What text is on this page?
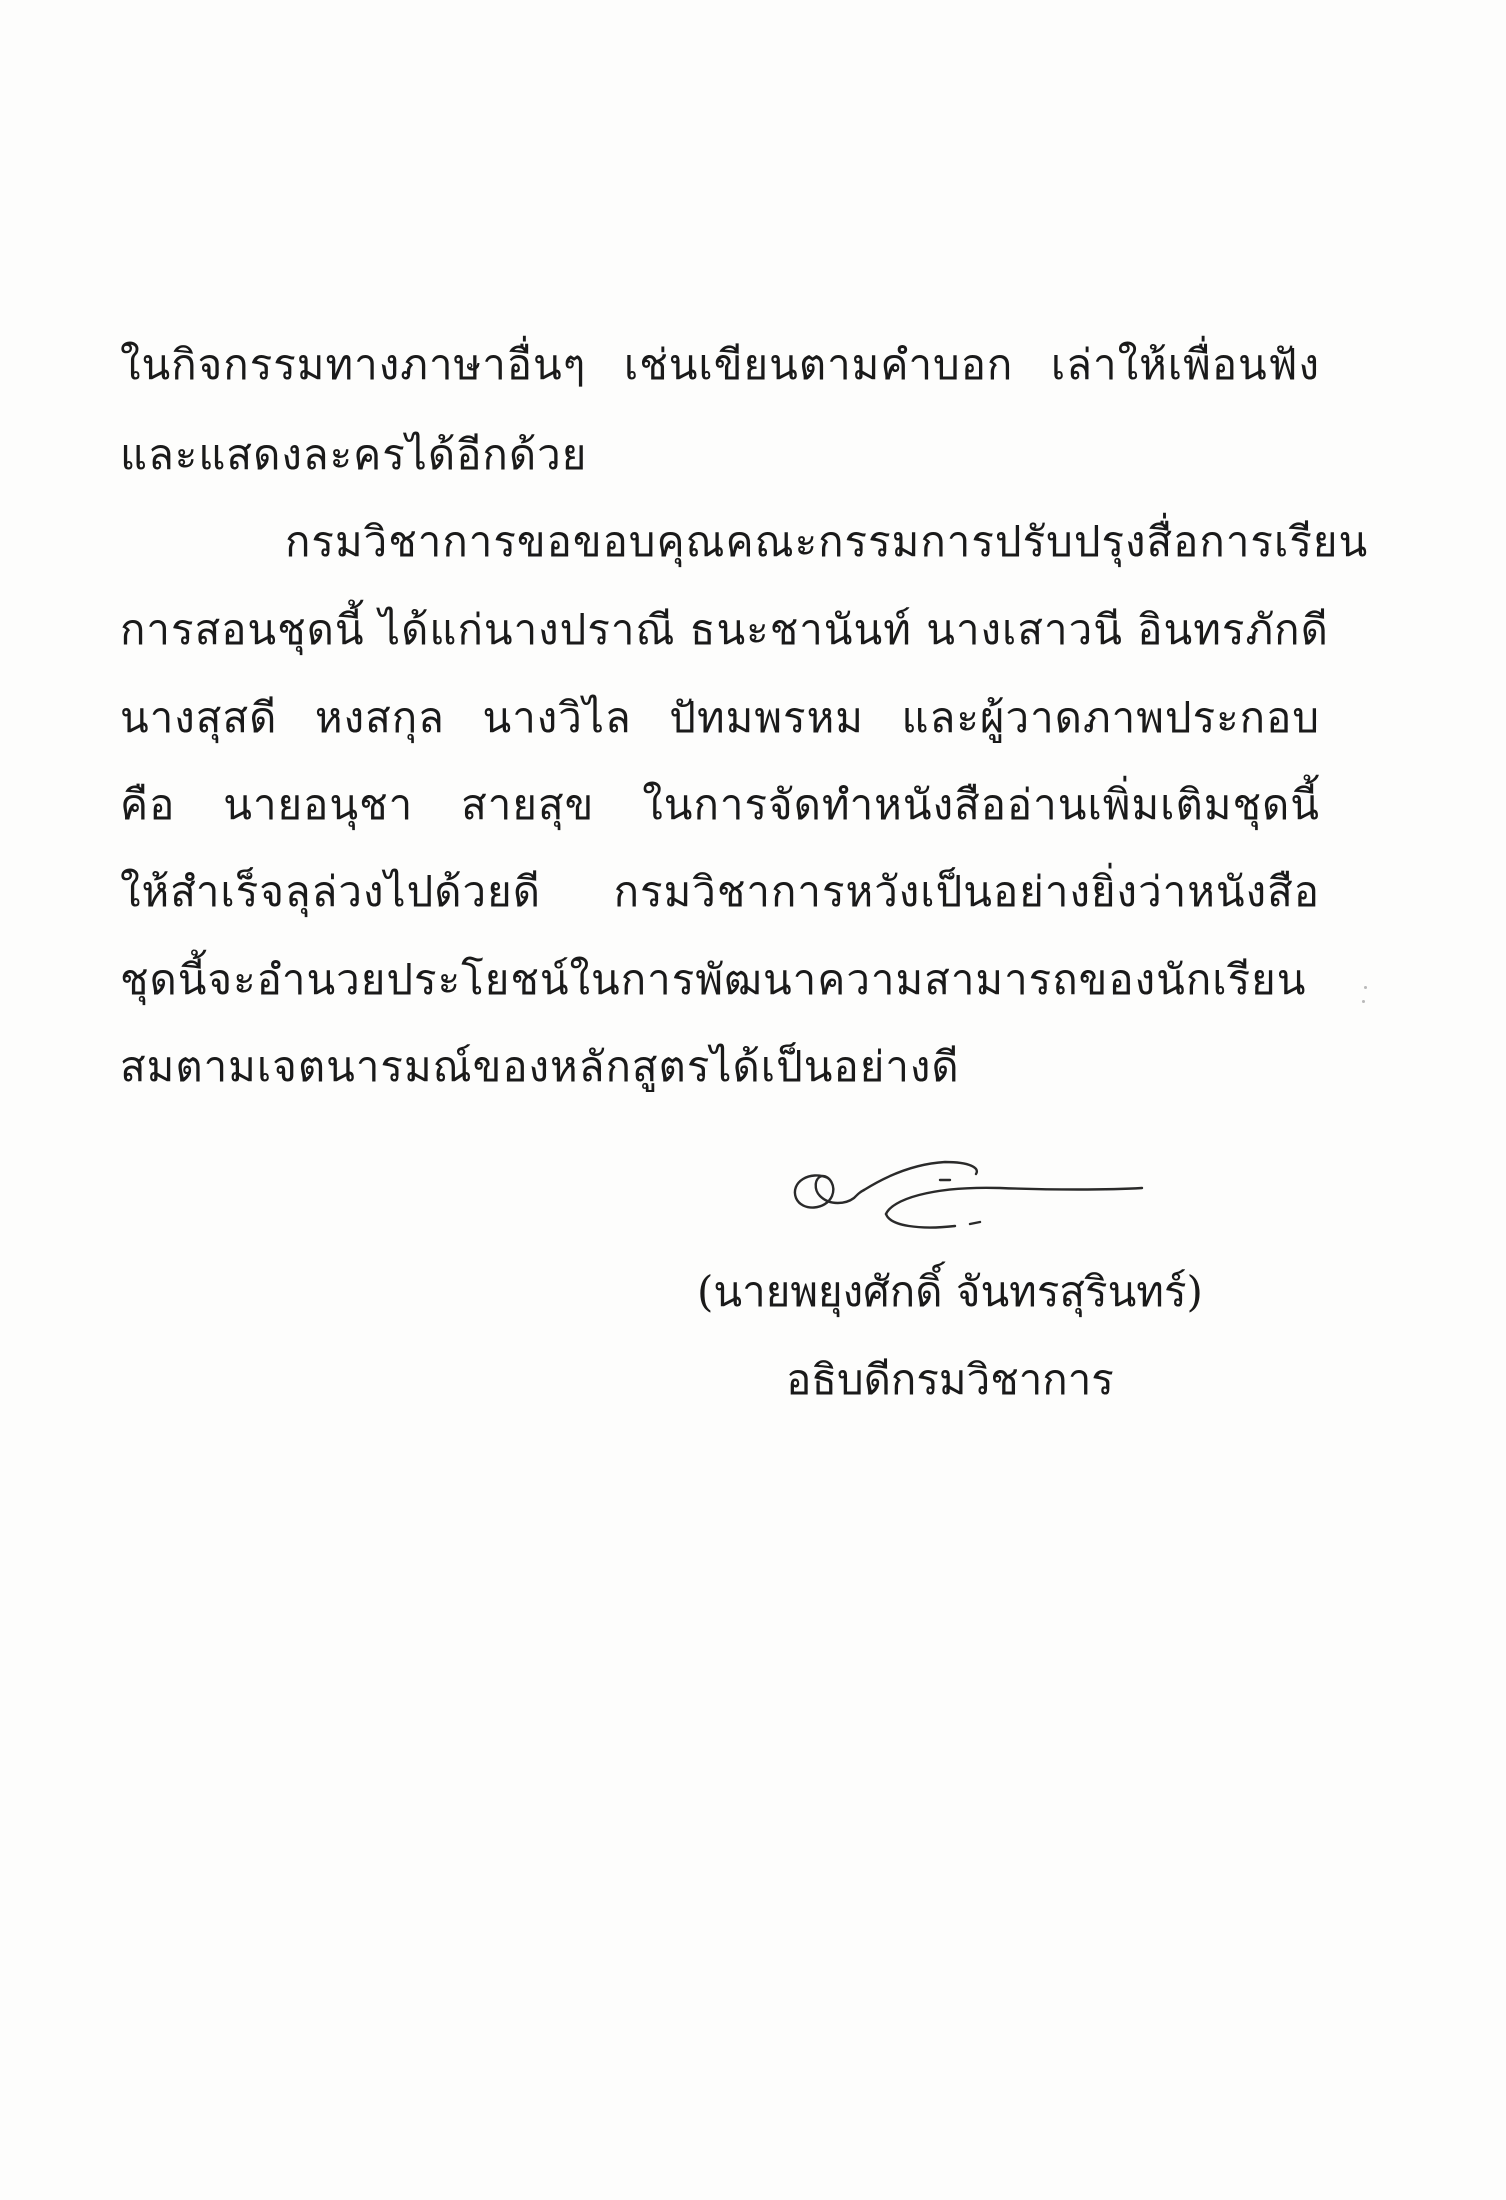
ในกิจกรรมทางภาษาอื่นๆ เช่นเขียนตามคำบอก เล่าให้เพื่อนฟัง
และแสดงละครได้อีกด้วย
กรมวิชาการขอขอบคุณคณะกรรมการปรับปรุงสื่อการเรียน
การสอนชุดนี้ ได้แก่นางปราณี ธนะชานันท์ นางเสาวนี อินทรภักดี
นางสุสดี หงสกุล นางวิไล ปัทมพรหม และผู้วาดภาพประกอบ
คือ นายอนุชา สายสุข ในการจัดทำหนังสืออ่านเพิ่มเติมชุดนี้
ให้สำเร็จลุล่วงไปด้วยดี กรมวิชาการหวังเป็นอย่างยิ่งว่าหนังสือ
ชุดนี้จะอำนวยประโยชน์ในการพัฒนาความสามารถของนักเรียน
สมตามเจตนารมณ์ของหลักสูตรได้เป็นอย่างดี
(นายพยุงศักดิ์ จันทรสุรินทร์)
อธิบดีกรมวิชาการ
